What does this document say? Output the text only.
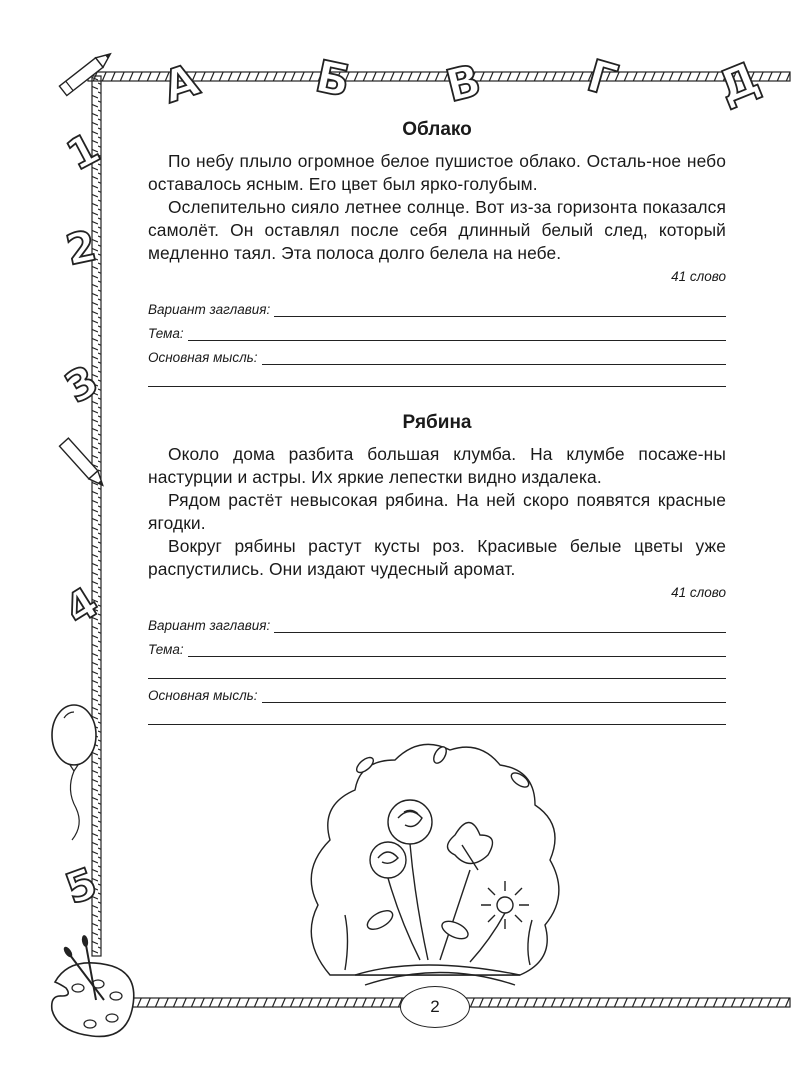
А Б В Г Д
1
2
3
4
5
Облако

По небу плыло огромное белое пушистое облако. Осталь-ное небо оставалось ясным. Его цвет был ярко-голубым.

Ослепительно сияло летнее солнце. Вот из-за горизонта показался самолёт. Он оставлял после себя длинный белый след, который медленно таял. Эта полоса долго белела на небе.

41 слово
Вариант заглавия:
Тема:
Основная мысль:
Рябина

Около дома разбита большая клумба. На клумбе посаже-ны настурции и астры. Их яркие лепестки видно издалека.

Рядом растёт невысокая рябина. На ней скоро появятся красные ягодки.

Вокруг рябины растут кусты роз. Красивые белые цветы уже распустились. Они издают чудесный аромат.

41 слово
Вариант заглавия:
Тема:
Основная мысль:
2
